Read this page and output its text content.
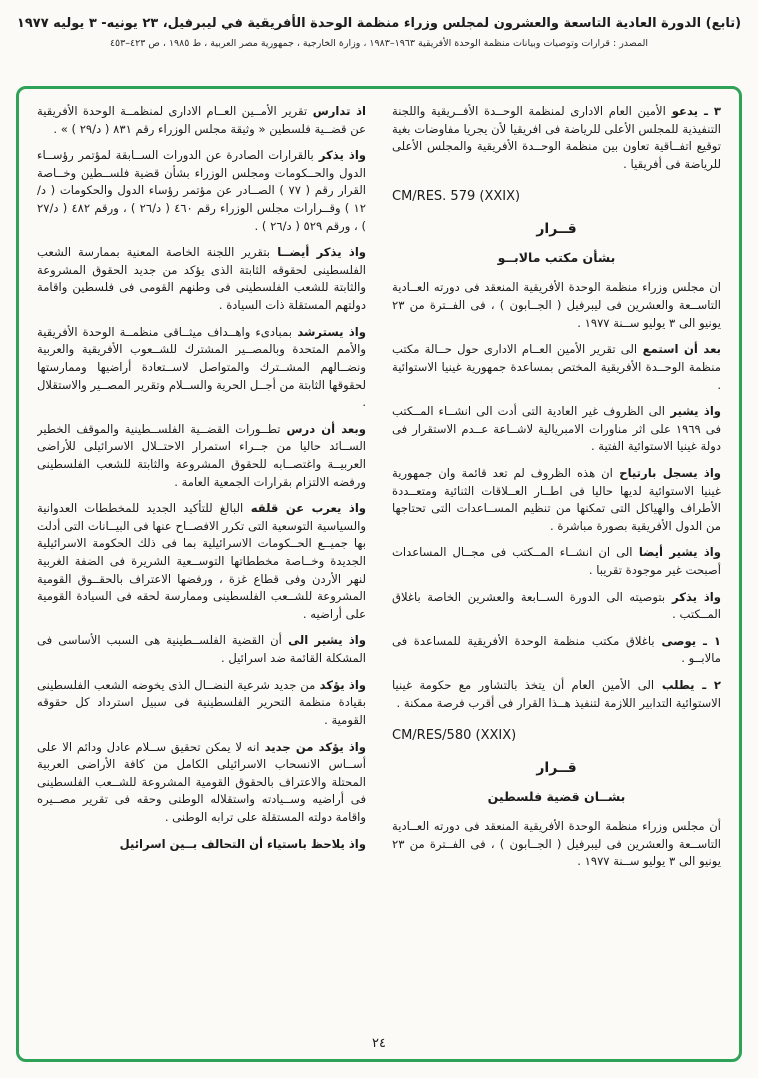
(تابع) الدورة العادية التاسعة والعشرون لمجلس وزراء منظمة الوحدة الأفريقية في ليبرفيل، ٢٣ يونيه- ٣ يوليه ١٩٧٧
المصدر : قرارات وتوصيات وبيانات منظمة الوحدة الأفريقية ١٩٦٣–١٩٨٣ ، وزارة الخارجية ، جمهورية مصر العربية ، ط ١٩٨٥ ، ص ٤٢٣–٤٥٣

٣ ـ يدعو الأمين العام الادارى لمنظمة الوحــدة الأفــريقية واللجنة التنفيذية للمجلس الأعلى للرياضة فى افريقيا لأن يجريا مفاوضات بغية توقيع اتفــاقية تعاون بين منظمة الوحــدة الأفريقية والمجلس الأعلى للرياضة فى أفريقيا .

CM/RES. 579 (XXIX)
قــرار
بشأن مكتب مالابــو

ان مجلس وزراء منظمة الوحدة الأفريقية المنعقد فى دورته العــادية التاســعة والعشرين فى ليبرفيل ( الجــابون ) ، فى الفــترة من ٢٣ يونيو الى ٣ يوليو ســنة ١٩٧٧ .

بعد أن استمع الى تقرير الأمين العــام الادارى حول حــالة مكتب منظمة الوحــدة الأفريقية المختص بمساعدة جمهورية غينيا الاستوائية .

واذ يشير الى الظروف غير العادية التى أدت الى انشــاء المــكتب فى ١٩٦٩ على اثر مناورات الامبريالية لاشــاعة عــدم الاستقرار فى دولة غينيا الاستوائية الفتية .

واذ يسجل بارتياح ان هذه الظروف لم تعد قائمة وان جمهورية غينيا الاستوائية لديها حاليا فى اطــار العــلاقات الثنائية ومتعــددة الأطراف والهياكل التى تمكنها من تنظيم المســاعدات التى تحتاجها من الدول الأفريقية بصورة مباشرة .

واذ يشير أيضا الى ان انشــاء المــكتب فى مجــال المساعدات أصبحت غير موجودة تقريبا .

واذ يذكر بتوصيته الى الدورة الســابعة والعشرين الخاصة باغلاق المــكتب .

١ ـ يوصى باغلاق مكتب منظمة الوحدة الأفريقية للمساعدة فى مالابــو .

٢ ـ يطلب الى الأمين العام أن يتخذ بالتشاور مع حكومة غينيا الاستوائية التدابير اللازمة لتنفيذ هــذا القرار فى أقرب فرصة ممكنة .

CM/RES/580 (XXIX)
قــرار
بشــان قضية فلسطين

أن مجلس وزراء منظمة الوحدة الأفريقية المنعقد فى دورته العــادية التاســعة والعشرين فى ليبرفيل ( الجــابون ) ، فى الفــترة من ٢٣ يونيو الى ٣ يوليو ســنة ١٩٧٧ .

اذ تدارس تقرير الأمــين العــام الادارى لمنظمــة الوحدة الأفريقية عن قضــية فلسطين « وثيقة مجلس الوزراء رقم ٨٣١ ( د/٢٩ ) » .

واذ يذكر بالقرارات الصادرة عن الدورات الســابقة لمؤتمر رؤســاء الدول والحــكومات ومجلس الوزراء بشأن قضية فلســطين وخــاصة القرار رقم ( ٧٧ ) الصــادر عن مؤتمر رؤساء الدول والحكومات ( د/١٢ ) وقــرارات مجلس الوزراء رقم ٤٦٠ ( د/٢٦ ) ، ورقم ٤٨٢ ( د/٢٧ ) ، ورقم ٥٢٩ ( د/٢٦ ) .

واذ يذكر أيضــا بتقرير اللجنة الخاصة المعنية بممارسة الشعب الفلسطينى لحقوقه الثابتة الذى يؤكد من جديد الحقوق المشروعة والثابتة للشعب الفلسطينى فى وطنهم القومى فى فلسطين واقامة دولتهم المستقلة ذات السيادة .

واذ يسترشد بمبادىء واهــداف ميثــاقى منظمــة الوحدة الأفريقية والأمم المتحدة وبالمصــير المشترك للشــعوب الأفريقية والعربية ونضــالهم المشــترك والمتواصل لاســتعادة أراضيها وممارستها لحقوقها الثابتة من أجــل الحرية والســلام وتقرير المصــير والاستقلال .

وبعد أن درس تطــورات القضــية الفلســطينية والموقف الخطير الســائد حاليا من جــراء استمرار الاحتــلال الاسرائيلى للأراضى العربيــة واغتصــابه للحقوق المشروعة والثابتة للشعب الفلسطينى ورفضه الالتزام بقرارات الجمعية العامة .

واذ يعرب عن قلقه البالغ للتأكيد الجديد للمخططات العدوانية والسياسية التوسعية التى تكرر الافصــاح عنها فى البيــانات التى أدلت بها جميــع الحــكومات الاسرائيلية بما فى ذلك الحكومة الاسرائيلية الجديدة وخــاصة مخططاتها التوســعية الشريرة فى الضفة الغربية لنهر الأردن وفى قطاع غزة ، ورفضها الاعتراف بالحقــوق القومية المشروعة للشــعب الفلسطينى وممارسة لحقه فى السيادة القومية على أراضيه .

واذ يشير الى أن القضية الفلســطينية هى السبب الأساسى فى المشكلة القائمة ضد اسرائيل .

واذ يؤكد من جديد شرعية النضــال الذى يخوضه الشعب الفلسطينى بقيادة منظمة التحرير الفلسطينية فى سبيل استرداد كل حقوقه القومية .

واذ يؤكد من جديد انه لا يمكن تحقيق ســلام عادل ودائم الا على أســاس الانسحاب الاسرائيلى الكامل من كافة الأراضى العربية المحتلة والاعتراف بالحقوق القومية المشروعة للشــعب الفلسطينى فى أراضيه وســيادته واستقلاله الوطنى وحقه فى تقرير مصــيره واقامة دولته المستقلة على ترابه الوطنى .

واذ يلاحظ باستياء أن التحالف بــين اسرائيل

٢٤
